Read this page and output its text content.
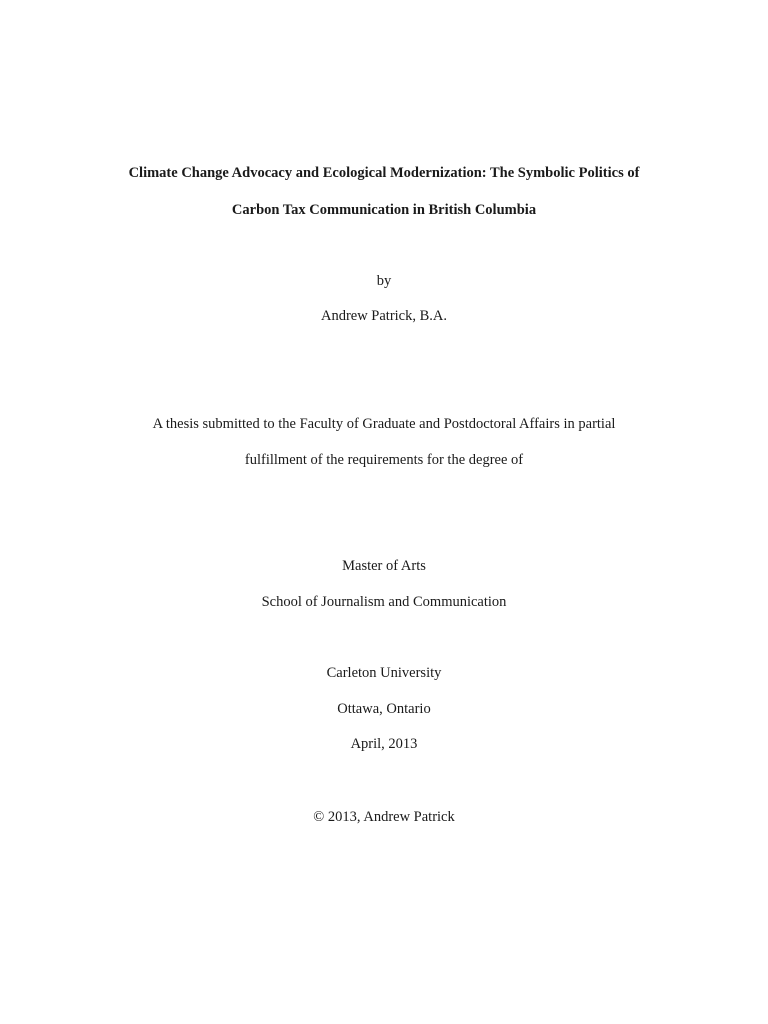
Climate Change Advocacy and Ecological Modernization: The Symbolic Politics of
Carbon Tax Communication in British Columbia
by
Andrew Patrick, B.A.
A thesis submitted to the Faculty of Graduate and Postdoctoral Affairs in partial
fulfillment of the requirements for the degree of
Master of Arts
School of Journalism and Communication
Carleton University
Ottawa, Ontario
April, 2013
© 2013, Andrew Patrick
